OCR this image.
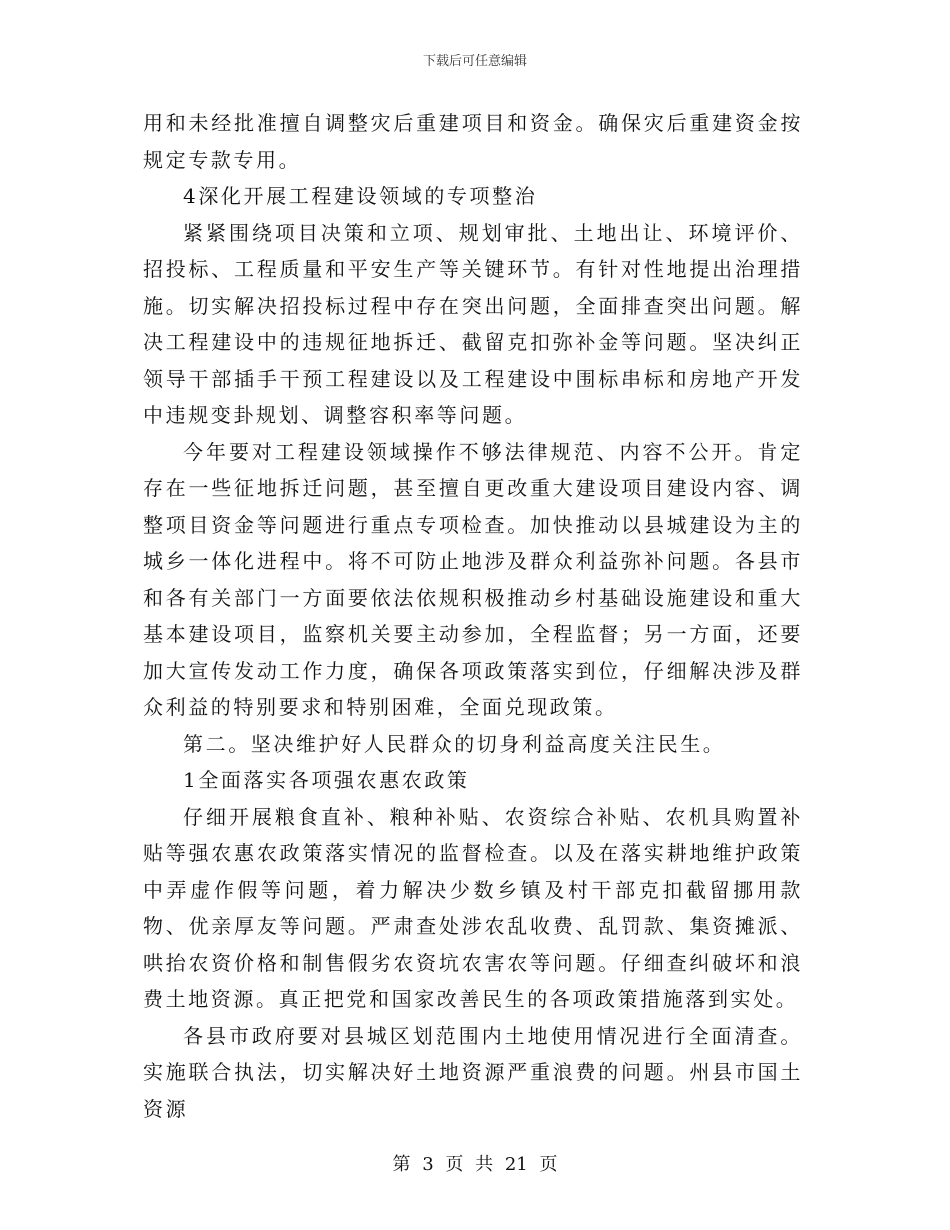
下载后可任意编辑

用和未经批准擅自调整灾后重建项目和资金。确保灾后重建资金按规定专款专用。

4深化开展工程建设领域的专项整治

紧紧围绕项目决策和立项、规划审批、土地出让、环境评价、招投标、工程质量和平安生产等关键环节。有针对性地提出治理措施。切实解决招投标过程中存在突出问题，全面排查突出问题。解决工程建设中的违规征地拆迁、截留克扣弥补金等问题。坚决纠正领导干部插手干预工程建设以及工程建设中围标串标和房地产开发中违规变卦规划、调整容积率等问题。

今年要对工程建设领域操作不够法律规范、内容不公开。肯定存在一些征地拆迁问题，甚至擅自更改重大建设项目建设内容、调整项目资金等问题进行重点专项检查。加快推动以县城建设为主的城乡一体化进程中。将不可防止地涉及群众利益弥补问题。各县市和各有关部门一方面要依法依规积极推动乡村基础设施建设和重大基本建设项目，监察机关要主动参加，全程监督；另一方面，还要加大宣传发动工作力度，确保各项政策落实到位，仔细解决涉及群众利益的特别要求和特别困难，全面兑现政策。

第二。坚决维护好人民群众的切身利益高度关注民生。

1全面落实各项强农惠农政策

仔细开展粮食直补、粮种补贴、农资综合补贴、农机具购置补贴等强农惠农政策落实情况的监督检查。以及在落实耕地维护政策中弄虚作假等问题，着力解决少数乡镇及村干部克扣截留挪用款物、优亲厚友等问题。严肃查处涉农乱收费、乱罚款、集资摊派、哄抬农资价格和制售假劣农资坑农害农等问题。仔细查纠破坏和浪费土地资源。真正把党和国家改善民生的各项政策措施落到实处。

各县市政府要对县城区划范围内土地使用情况进行全面清查。实施联合执法，切实解决好土地资源严重浪费的问题。州县市国土资源

第 3 页 共 21 页
